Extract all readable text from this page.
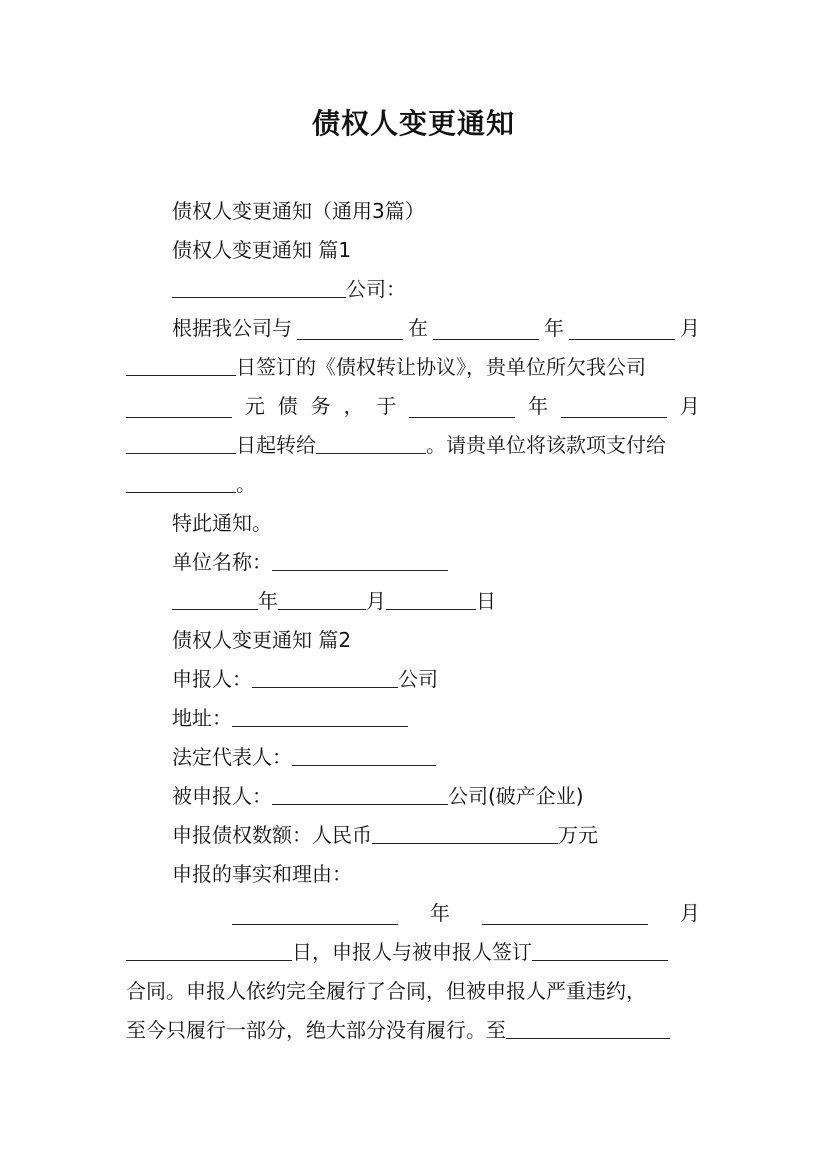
债权人变更通知
债权人变更通知（通用3篇）
债权人变更通知 篇1
公司：
根据我公司与	在	年	月
日签订的《债权转让协议》，贵单位所欠我公司
元 债 务 ， 于	年	月
日起转给	。请贵单位将该款项支付给
。
特此通知。
单位名称：
年	月	日
债权人变更通知 篇2
申报人：	公司
地址：
法定代表人：
被申报人：	公司(破产企业)
申报债权数额：人民币	万元
申报的事实和理由：
年	月
日，申报人与被申报人签订
合同。申报人依约完全履行了合同，但被申报人严重违约，
至今只履行一部分，绝大部分没有履行。至
